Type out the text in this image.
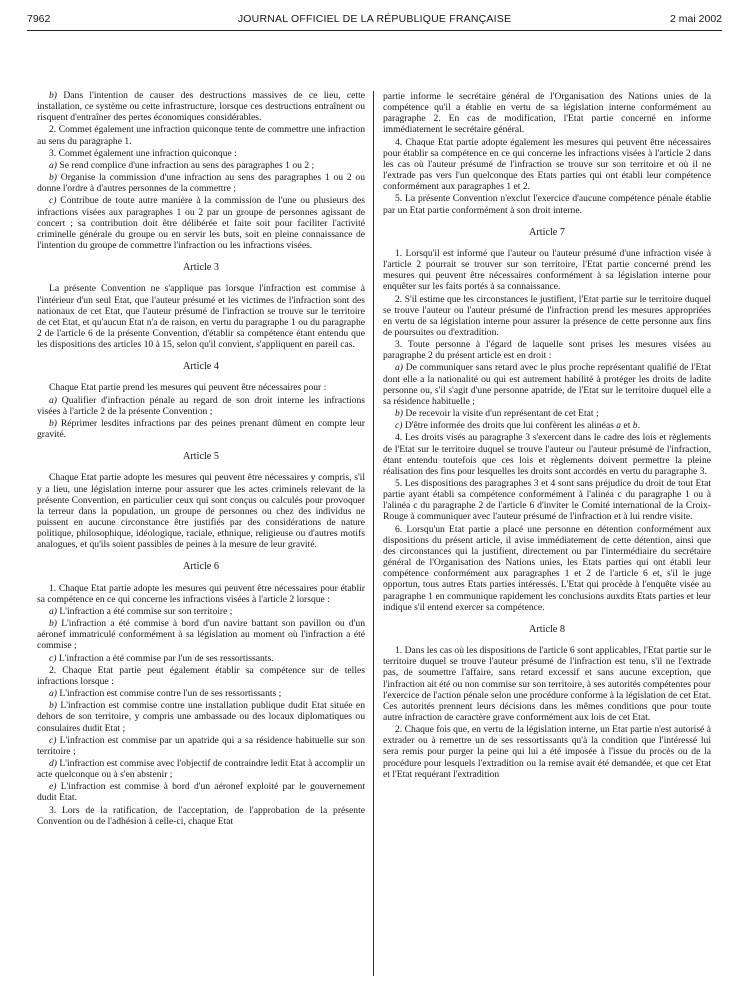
7962	JOURNAL OFFICIEL DE LA RÉPUBLIQUE FRANÇAISE	2 mai 2002

b) Dans l'intention de causer des destructions massives de ce lieu, cette installation, ce système ou cette infrastructure, lorsque ces destructions entraînent ou risquent d'entraîner des pertes économiques considérables.

2. Commet également une infraction quiconque tente de commettre une infraction au sens du paragraphe 1.

3. Commet également une infraction quiconque :

a) Se rend complice d'une infraction au sens des paragraphes 1 ou 2 ;

b) Organise la commission d'une infraction au sens des paragraphes 1 ou 2 ou donne l'ordre à d'autres personnes de la commettre ;

c) Contribue de toute autre manière à la commission de l'une ou plusieurs des infractions visées aux paragraphes 1 ou 2 par un groupe de personnes agissant de concert ; sa contribution doit être délibérée et faite soit pour faciliter l'activité criminelle générale du groupe ou en servir les buts, soit en pleine connaissance de l'intention du groupe de commettre l'infraction ou les infractions visées.

Article 3

La présente Convention ne s'applique pas lorsque l'infraction est commise à l'intérieur d'un seul Etat, que l'auteur présumé et les victimes de l'infraction sont des nationaux de cet Etat, que l'auteur présumé de l'infraction se trouve sur le territoire de cet Etat, et qu'aucun Etat n'a de raison, en vertu du paragraphe 1 ou du paragraphe 2 de l'article 6 de la présente Convention, d'établir sa compétence étant entendu que les dispositions des articles 10 à 15, selon qu'il convient, s'appliquent en pareil cas.

Article 4

Chaque Etat partie prend les mesures qui peuvent être nécessaires pour :

a) Qualifier d'infraction pénale au regard de son droit interne les infractions visées à l'article 2 de la présente Convention ;

b) Réprimer lesdites infractions par des peines prenant dûment en compte leur gravité.

Article 5

Chaque Etat partie adopte les mesures qui peuvent être nécessaires y compris, s'il y a lieu, une législation interne pour assurer que les actes criminels relevant de la présente Convention, en particulier ceux qui sont conçus ou calculés pour provoquer la terreur dans la population, un groupe de personnes ou chez des individus ne puissent en aucune circonstance être justifiés par des considérations de nature politique, philosophique, idéologique, raciale, ethnique, religieuse ou d'autres motifs analogues, et qu'ils soient passibles de peines à la mesure de leur gravité.

Article 6

1. Chaque Etat partie adopte les mesures qui peuvent être nécessaires pour établir sa compétence en ce qui concerne les infractions visées à l'article 2 lorsque :

a) L'infraction a été commise sur son territoire ;

b) L'infraction a été commise à bord d'un navire battant son pavillon ou d'un aéronef immatriculé conformément à sa législation au moment où l'infraction a été commise ;

c) L'infraction a été commise par l'un de ses ressortissants.

2. Chaque Etat partie peut également établir sa compétence sur de telles infractions lorsque :

a) L'infraction est commise contre l'un de ses ressortissants ;

b) L'infraction est commise contre une installation publique dudit Etat située en dehors de son territoire, y compris une ambassade ou des locaux diplomatiques ou consulaires dudit Etat ;

c) L'infraction est commise par un apatride qui a sa résidence habituelle sur son territoire ;

d) L'infraction est commise avec l'objectif de contraindre ledit Etat à accomplir un acte quelconque ou à s'en abstenir ;

e) L'infraction est commise à bord d'un aéronef exploité par le gouvernement dudit Etat.

3. Lors de la ratification, de l'acceptation, de l'approbation de la présente Convention ou de l'adhésion à celle-ci, chaque Etat

partie informe le secrétaire général de l'Organisation des Nations unies de la compétence qu'il a établie en vertu de sa législation interne conformément au paragraphe 2. En cas de modification, l'Etat partie concerné en informe immédiatement le secrétaire général.

4. Chaque Etat partie adopte également les mesures qui peuvent être nécessaires pour établir sa compétence en ce qui concerne les infractions visées à l'article 2 dans les cas où l'auteur présumé de l'infraction se trouve sur son territoire et où il ne l'extrade pas vers l'un quelconque des Etats parties qui ont établi leur compétence conformément aux paragraphes 1 et 2.

5. La présente Convention n'exclut l'exercice d'aucune compétence pénale établie par un Etat partie conformément à son droit interne.

Article 7

1. Lorsqu'il est informé que l'auteur ou l'auteur présumé d'une infraction visée à l'article 2 pourrait se trouver sur son territoire, l'Etat partie concerné prend les mesures qui peuvent être nécessaires conformément à sa législation interne pour enquêter sur les faits portés à sa connaissance.

2. S'il estime que les circonstances le justifient, l'Etat partie sur le territoire duquel se trouve l'auteur ou l'auteur présumé de l'infraction prend les mesures appropriées en vertu de sa législation interne pour assurer la présence de cette personne aux fins de poursuites ou d'extradition.

3. Toute personne à l'égard de laquelle sont prises les mesures visées au paragraphe 2 du présent article est en droit :

a) De communiquer sans retard avec le plus proche représentant qualifié de l'Etat dont elle a la nationalité ou qui est autrement habilité à protéger les droits de ladite personne ou, s'il s'agit d'une personne apatride, de l'Etat sur le territoire duquel elle a sa résidence habituelle ;

b) De recevoir la visite d'un représentant de cet Etat ;

c) D'être informée des droits que lui confèrent les alinéas a et b.

4. Les droits visés au paragraphe 3 s'exercent dans le cadre des lois et règlements de l'Etat sur le territoire duquel se trouve l'auteur ou l'auteur présumé de l'infraction, étant entendu toutefois que ces lois et règlements doivent permettre la pleine réalisation des fins pour lesquelles les droits sont accordés en vertu du paragraphe 3.

5. Les dispositions des paragraphes 3 et 4 sont sans préjudice du droit de tout Etat partie ayant établi sa compétence conformément à l'alinéa c du paragraphe 1 ou à l'alinéa c du paragraphe 2 de l'article 6 d'inviter le Comité international de la Croix-Rouge à communiquer avec l'auteur présumé de l'infraction et à lui rendre visite.

6. Lorsqu'un Etat partie a placé une personne en détention conformément aux dispositions du présent article, il avise immédiatement de cette détention, ainsi que des circonstances qui la justifient, directement ou par l'intermédiaire du secrétaire général de l'Organisation des Nations unies, les Etats parties qui ont établi leur compétence conformément aux paragraphes 1 et 2 de l'article 6 et, s'il le juge opportun, tous autres Etats parties intéressés. L'Etat qui procède à l'enquête visée au paragraphe 1 en communique rapidement les conclusions auxdits Etats parties et leur indique s'il entend exercer sa compétence.

Article 8

1. Dans les cas où les dispositions de l'article 6 sont applicables, l'Etat partie sur le territoire duquel se trouve l'auteur présumé de l'infraction est tenu, s'il ne l'extrade pas, de soumettre l'affaire, sans retard excessif et sans aucune exception, que l'infraction ait été ou non commise sur son territoire, à ses autorités compétentes pour l'exercice de l'action pénale selon une procédure conforme à la législation de cet Etat. Ces autorités prennent leurs décisions dans les mêmes conditions que pour toute autre infraction de caractère grave conformément aux lois de cet Etat.

2. Chaque fois que, en vertu de la législation interne, un Etat partie n'est autorisé à extrader ou à remettre un de ses ressortissants qu'à la condition que l'intéressé lui sera remis pour purger la peine qui lui a été imposée à l'issue du procès ou de la procédure pour lesquels l'extradition ou la remise avait été demandée, et que cet Etat et l'Etat requérant l'extradition
